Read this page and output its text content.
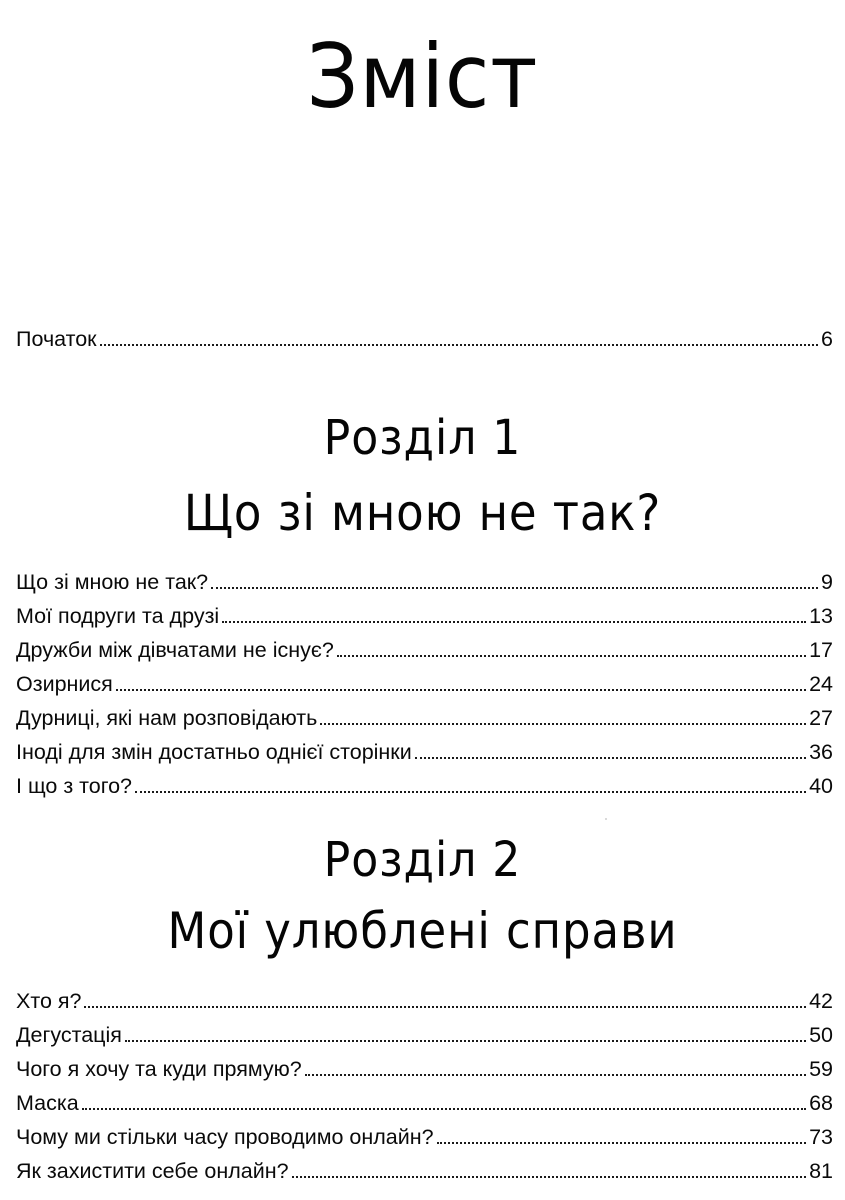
Зміст
Початок	6
Розділ 1
Що зі мною не так?
Що зі мною не так?	9
Мої подруги та друзі	13
Дружби між дівчатами не існує?	17
Озирнися	24
Дурниці, які нам розповідають	27
Іноді для змін достатньо однієї сторінки	36
І що з того?	40
Розділ 2
Мої улюблені справи
Хто я?	42
Дегустація	50
Чого я хочу та куди прямую?	59
Маска	68
Чому ми стільки часу проводимо онлайн?	73
Як захистити себе онлайн?	81
